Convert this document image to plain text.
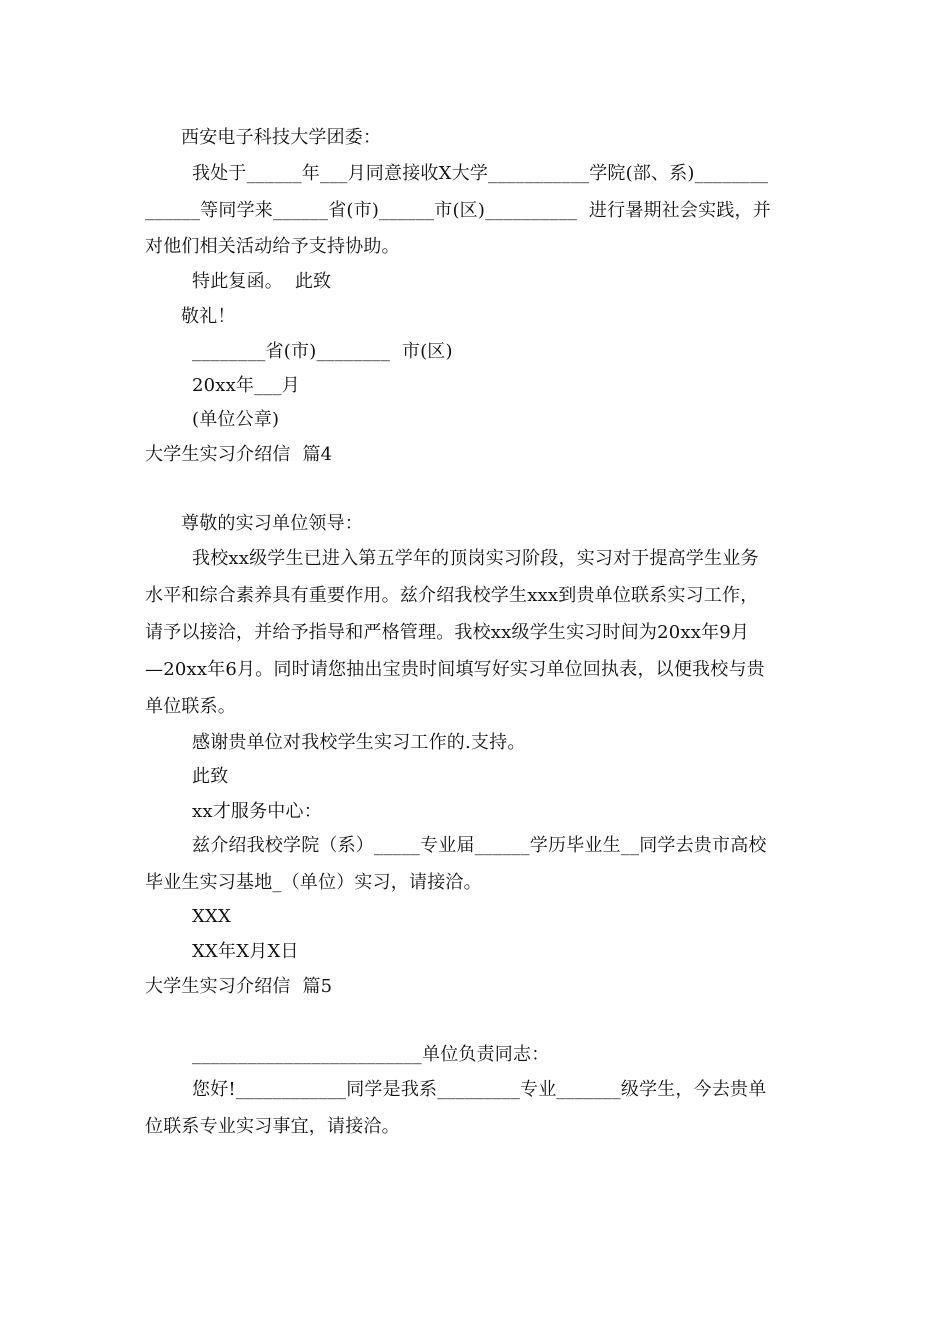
西安电子科技大学团委：
我处于______年___月同意接收X大学___________学院(部、系)________
______等同学来______省(市)______市(区)__________  进行暑期社会实践，并
对他们相关活动给予支持协助。
特此复函。  此致
敬礼！
________省(市)________  市(区)
20xx年___月
(单位公章)
大学生实习介绍信  篇4
尊敬的实习单位领导：
我校xx级学生已进入第五学年的顶岗实习阶段，实习对于提高学生业务
水平和综合素养具有重要作用。兹介绍我校学生xxx到贵单位联系实习工作，
请予以接洽，并给予指导和严格管理。我校xx级学生实习时间为20xx年9月
—20xx年6月。同时请您抽出宝贵时间填写好实习单位回执表，以便我校与贵
单位联系。
感谢贵单位对我校学生实习工作的.支持。
此致
xx才服务中心：
兹介绍我校学院（系）_____专业届______学历毕业生__同学去贵市高校
毕业生实习基地_（单位）实习，请接洽。
XXX
XX年X月X日
大学生实习介绍信  篇5
_________________________单位负责同志：
您好!____________同学是我系_________专业_______级学生，今去贵单
位联系专业实习事宜，请接洽。
